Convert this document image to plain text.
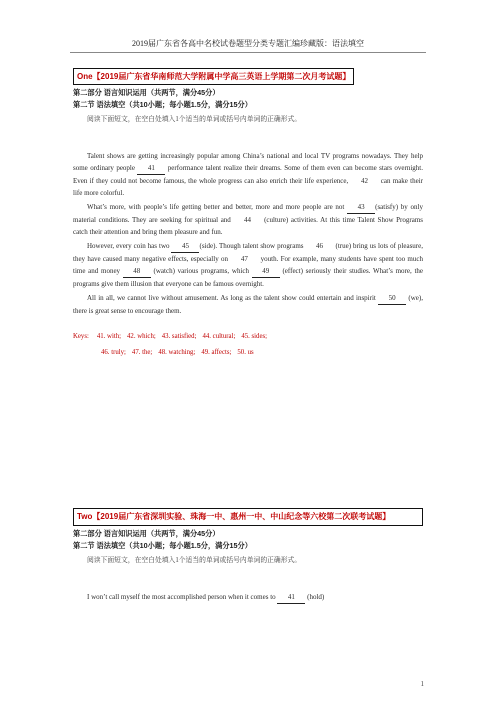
2019届广东省各高中名校试卷题型分类专题汇编珍藏版：语法填空
One【2019届广东省华南师范大学附属中学高三英语上学期第二次月考试题】
第二部分 语言知识运用（共两节，满分45分）
第二节 语法填空（共10小题；每小题1.5分，满分15分）
阅读下面短文，在空白处填入1个适当的单词或括号内单词的正确形式。

Talent shows are getting increasingly popular among China’s national and local TV programs nowadays. They help some ordinary people 41 performance talent realize their dreams. Some of them even can become stars overnight. Even if they could not become famous, the whole progress can also enrich their life experience, 42 can make their life more colorful.

What’s more, with people’s life getting better and better, more and more people are not 43 (satisfy) by only material conditions. They are seeking for spiritual and 44 (culture) activities. At this time Talent Show Programs catch their attention and bring them pleasure and fun.

However, every coin has two 45 (side). Though talent show programs 46 (true) bring us lots of pleasure, they have caused many negative effects, especially on 47 youth. For example, many students have spent too much time and money 48 (watch) various programs, which 49 (effect) seriously their studies. What’s more, the programs give them illusion that everyone can be famous overnight.

All in all, we cannot live without amusement. As long as the talent show could entertain and inspirit 50 (we), there is great sense to encourage them.

Keys: 41. with; 42. which; 43. satisfied; 44. cultural; 45. sides;
46. truly; 47. the; 48. watching; 49. affects; 50. us
Two【2019届广东省深圳实验、珠海一中、惠州一中、中山纪念等六校第二次联考试题】
第二部分 语言知识运用（共两节，满分45分）
第二节 语法填空（共10小题；每小题1.5分，满分15分）
阅读下面短文，在空白处填入1个适当的单词或括号内单词的正确形式。

I won’t call myself the most accomplished person when it comes to 41 (hold)

1
